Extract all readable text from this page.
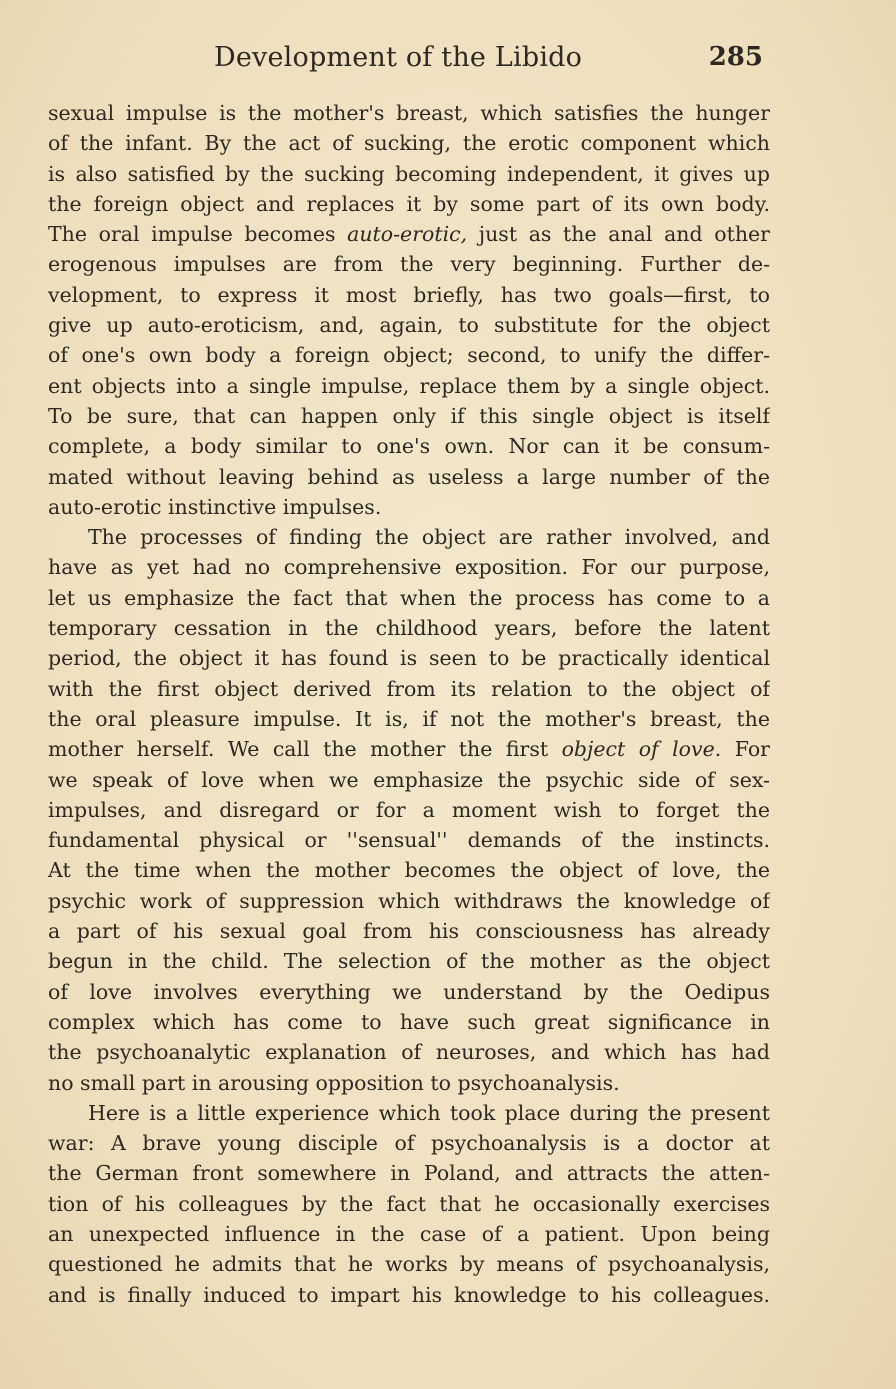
Development of the Libido	285
sexual impulse is the mother's breast, which satisfies the hunger
of the infant. By the act of sucking, the erotic component which
is also satisfied by the sucking becoming independent, it gives up
the foreign object and replaces it by some part of its own body.
The oral impulse becomes auto-erotic, just as the anal and other
erogenous impulses are from the very beginning. Further de-
velopment, to express it most briefly, has two goals—first, to
give up auto-eroticism, and, again, to substitute for the object
of one's own body a foreign object; second, to unify the differ-
ent objects into a single impulse, replace them by a single object.
To be sure, that can happen only if this single object is itself
complete, a body similar to one's own. Nor can it be consum-
mated without leaving behind as useless a large number of the
auto-erotic instinctive impulses.
The processes of finding the object are rather involved, and
have as yet had no comprehensive exposition. For our purpose,
let us emphasize the fact that when the process has come to a
temporary cessation in the childhood years, before the latent
period, the object it has found is seen to be practically identical
with the first object derived from its relation to the object of
the oral pleasure impulse. It is, if not the mother's breast, the
mother herself. We call the mother the first object of love. For
we speak of love when we emphasize the psychic side of sex-
impulses, and disregard or for a moment wish to forget the
fundamental physical or ''sensual'' demands of the instincts.
At the time when the mother becomes the object of love, the
psychic work of suppression which withdraws the knowledge of
a part of his sexual goal from his consciousness has already
begun in the child. The selection of the mother as the object
of love involves everything we understand by the Oedipus
complex which has come to have such great significance in
the psychoanalytic explanation of neuroses, and which has had
no small part in arousing opposition to psychoanalysis.
Here is a little experience which took place during the present
war: A brave young disciple of psychoanalysis is a doctor at
the German front somewhere in Poland, and attracts the atten-
tion of his colleagues by the fact that he occasionally exercises
an unexpected influence in the case of a patient. Upon being
questioned he admits that he works by means of psychoanalysis,
and is finally induced to impart his knowledge to his colleagues.
